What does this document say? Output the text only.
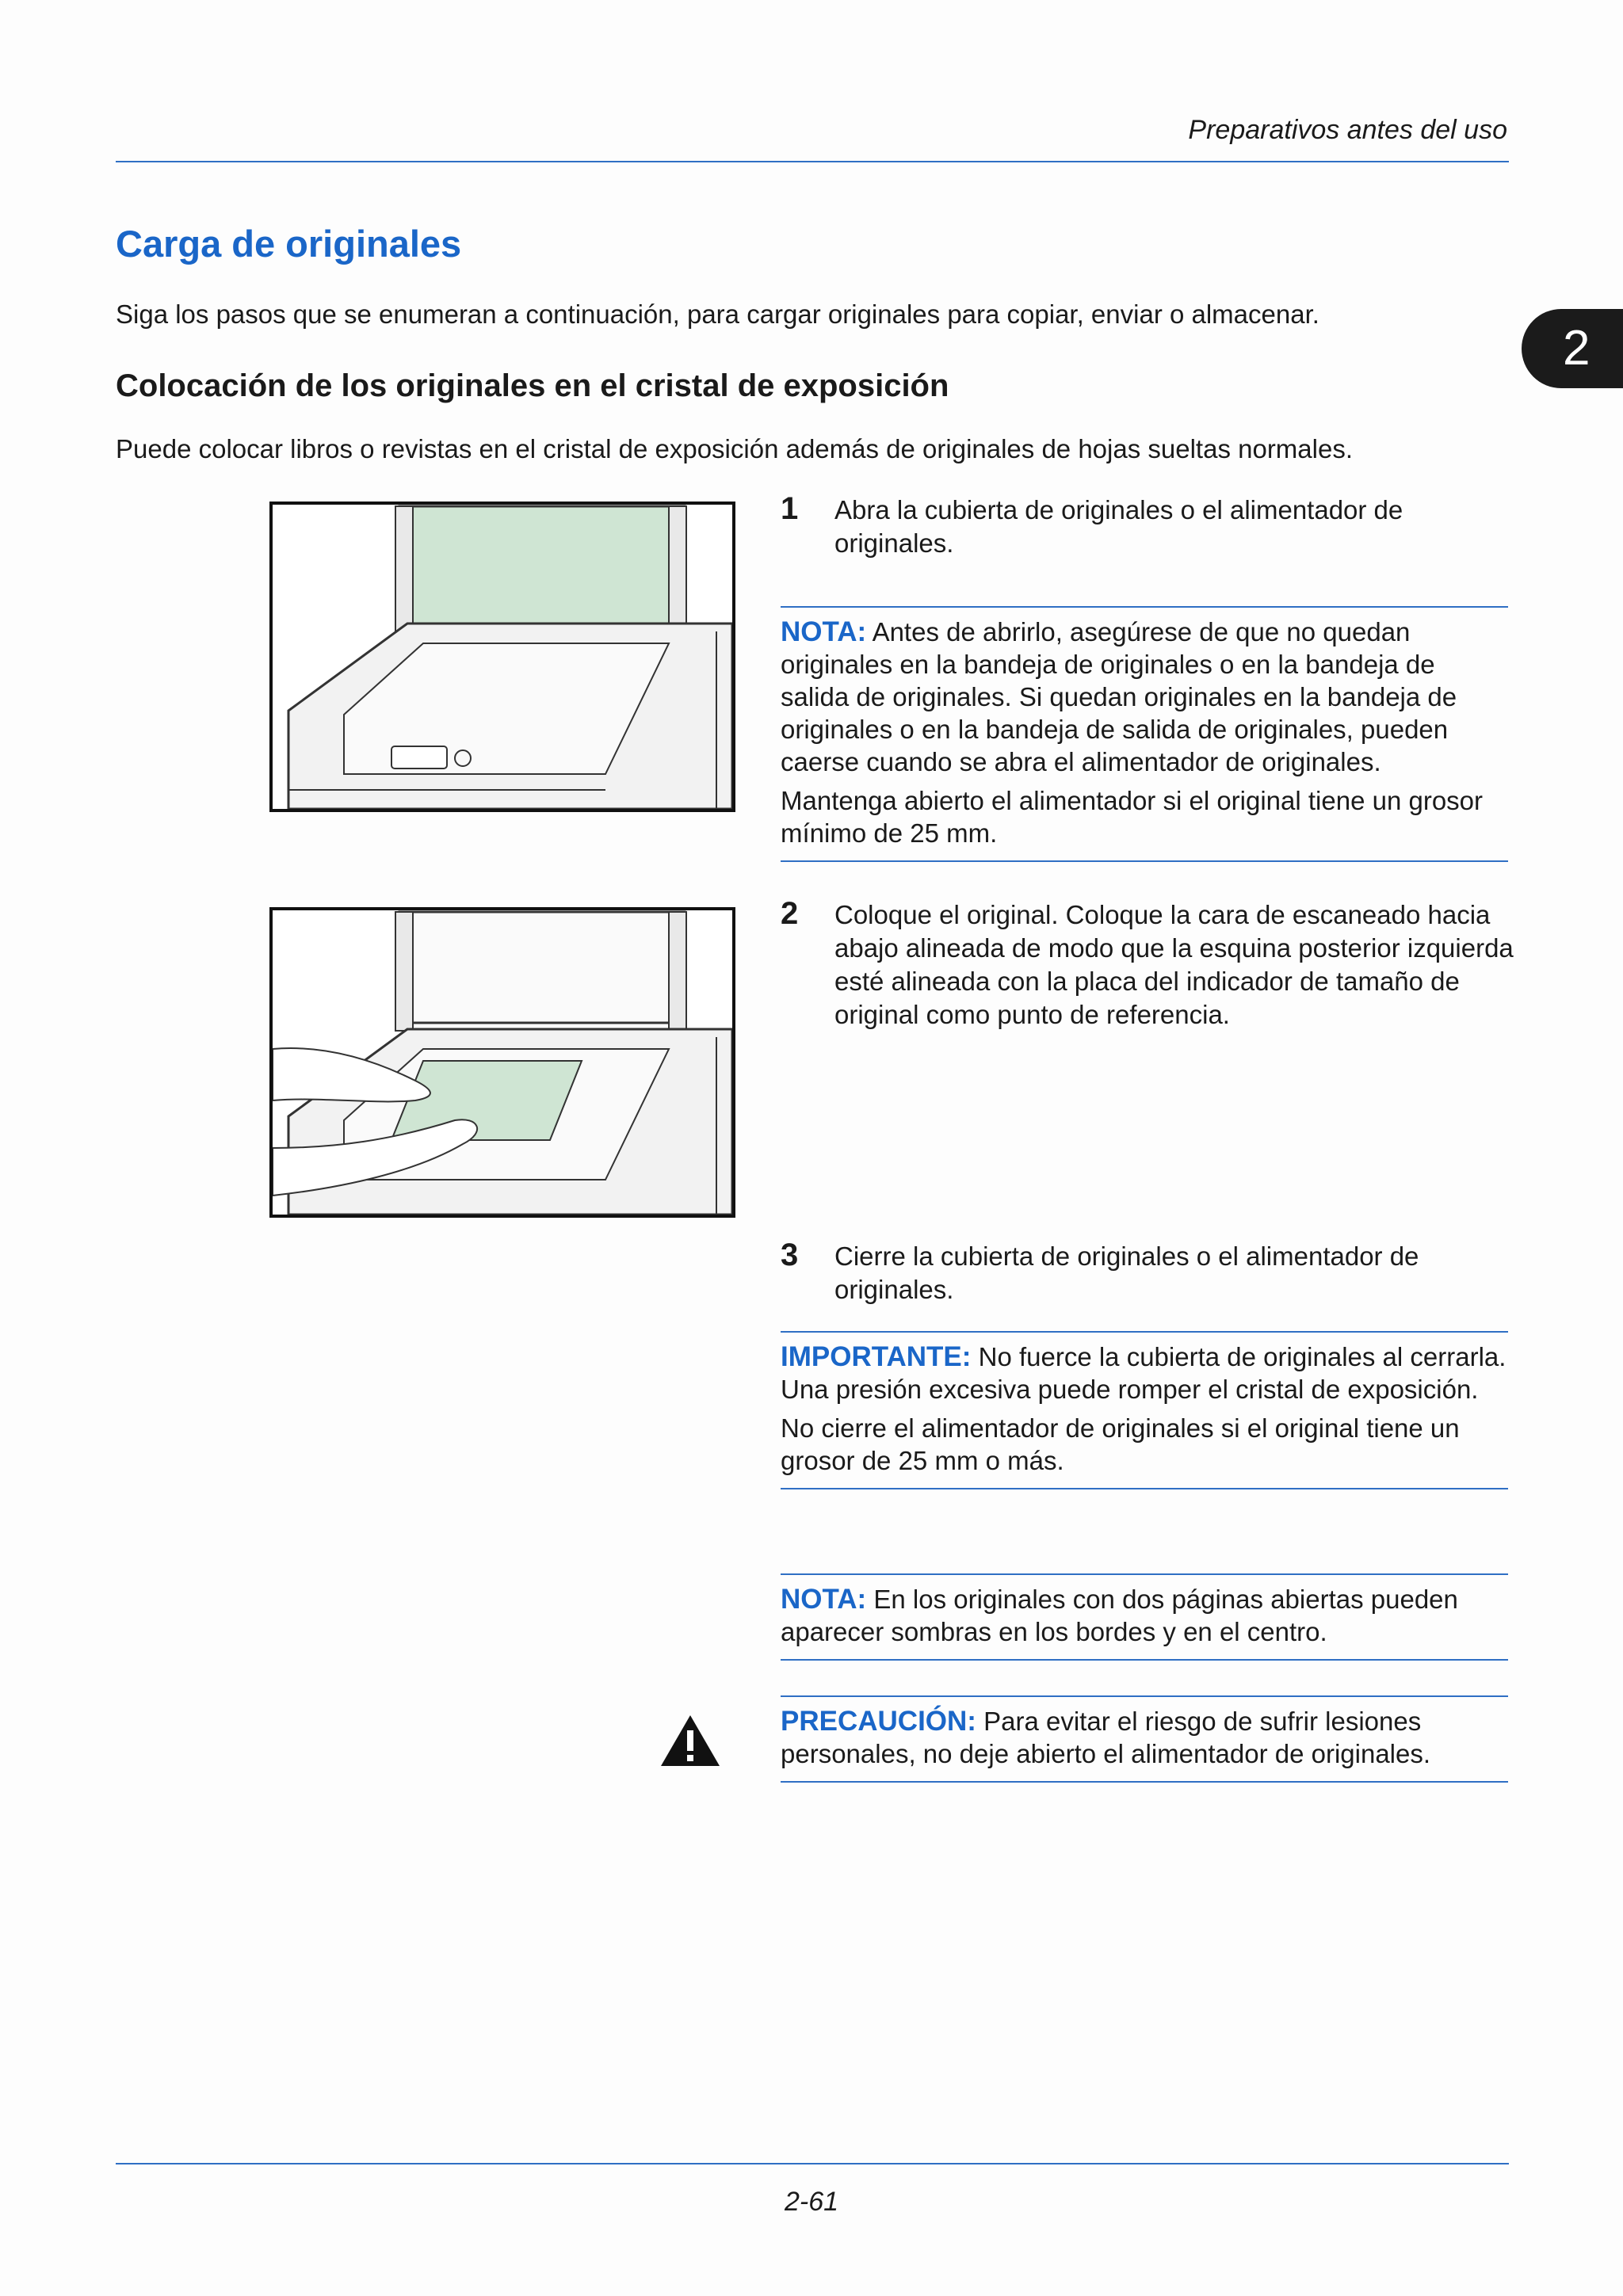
Preparativos antes del uso
2
Carga de originales
Siga los pasos que se enumeran a continuación, para cargar originales para copiar, enviar o almacenar.
Colocación de los originales en el cristal de exposición
Puede colocar libros o revistas en el cristal de exposición además de originales de hojas sueltas normales.
1 Abra la cubierta de originales o el alimentador de originales.

NOTA: Antes de abrirlo, asegúrese de que no quedan originales en la bandeja de originales o en la bandeja de salida de originales. Si quedan originales en la bandeja de originales o en la bandeja de salida de originales, pueden caerse cuando se abra el alimentador de originales.

Mantenga abierto el alimentador si el original tiene un grosor mínimo de 25 mm.

2 Coloque el original. Coloque la cara de escaneado hacia abajo alineada de modo que la esquina posterior izquierda esté alineada con la placa del indicador de tamaño de original como punto de referencia.
3 Cierre la cubierta de originales o el alimentador de originales.

IMPORTANTE: No fuerce la cubierta de originales al cerrarla. Una presión excesiva puede romper el cristal de exposición.

No cierre el alimentador de originales si el original tiene un grosor de 25 mm o más.

NOTA: En los originales con dos páginas abiertas pueden aparecer sombras en los bordes y en el centro.

PRECAUCIÓN: Para evitar el riesgo de sufrir lesiones personales, no deje abierto el alimentador de originales.

2-61
